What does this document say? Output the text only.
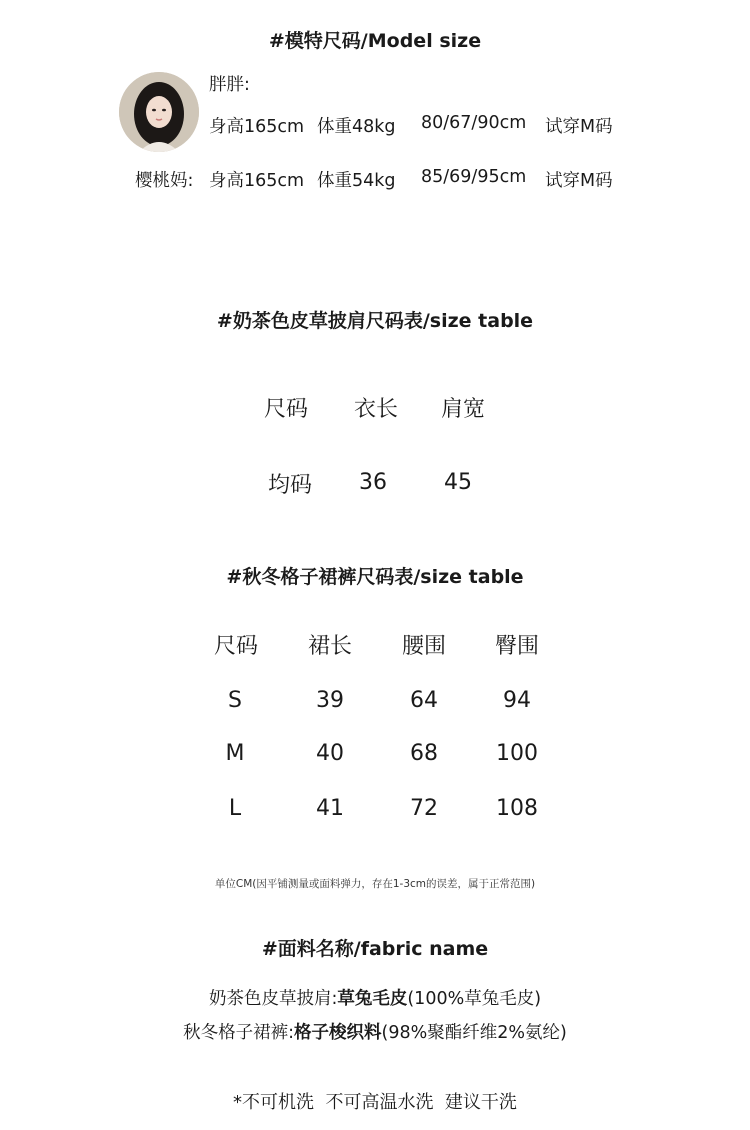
#模特尺码/Model size
胖胖:
身高165cm 体重48kg 80/67/90cm 试穿M码
樱桃妈: 身高165cm 体重54kg 85/69/95cm 试穿M码
#奶茶色皮草披肩尺码表/size table
尺码 衣长 肩宽
均码 36	45
#秋冬格子裙裤尺码表/size table
尺码 裙长 腰围 臀围
S	39	64	94
M	40	68	100
L	41	72	108
单位CM(因平铺测量或面料弹力，存在1-3cm的误差，属于正常范围)
#面料名称/fabric name
奶茶色皮草披肩:草兔毛皮(100%草兔毛皮)
秋冬格子裙裤:格子梭织料(98%聚酯纤维2%氨纶)
*不可机洗  不可高温水洗  建议干洗
